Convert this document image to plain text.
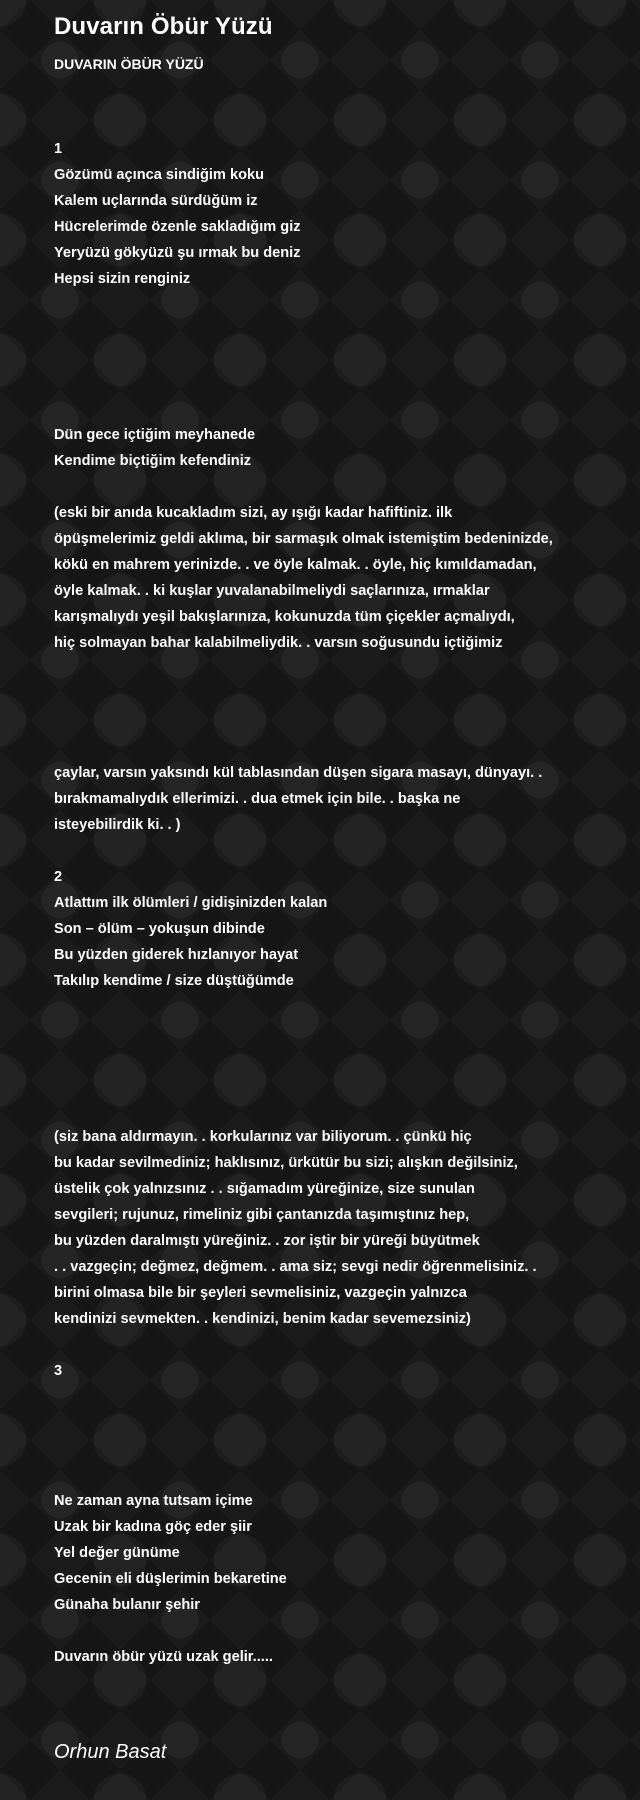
Duvarın Öbür Yüzü
DUVARIN ÖBÜR YÜZÜ
1
Gözümü açınca sindiğim koku
Kalem uçlarında sürdüğüm iz
Hücrelerimde özenle sakladığım giz
Yeryüzü gökyüzü şu ırmak bu deniz
Hepsi sizin renginiz
Dün gece içtiğim meyhanede
Kendime biçtiğim kefendiniz
(eski bir anıda kucakladım sizi, ay ışığı kadar hafiftiniz. ilk
öpüşmelerimiz geldi aklıma, bir sarmaşık olmak istemiştim bedeninizde,
kökü en mahrem yerinizde. . ve öyle kalmak. . öyle, hiç kımıldamadan,
öyle kalmak. . ki kuşlar yuvalanabilmeliydi saçlarınıza, ırmaklar
karışmalıydı yeşil bakışlarınıza, kokunuzda tüm çiçekler açmalıydı,
hiç solmayan bahar kalabilmeliydik. . varsın soğusundu içtiğimiz
çaylar, varsın yaksındı kül tablasından düşen sigara masayı, dünyayı. .
bırakmamalıydık ellerimizi. . dua etmek için bile. . başka ne
isteyebilirdik ki. . )
2
Atlattım ilk ölümleri / gidişinizden kalan
Son – ölüm – yokuşun dibinde
Bu yüzden giderek hızlanıyor hayat
Takılıp kendime / size düştüğümde
(siz bana aldırmayın. . korkularınız var biliyorum. . çünkü hiç
bu kadar sevilmediniz; haklısınız, ürkütür bu sizi; alışkın değilsiniz,
üstelik çok yalnızsınız . . sığamadım yüreğinize, size sunulan
sevgileri; rujunuz, rimeliniz gibi çantanızda taşımıştınız hep,
bu yüzden daralmıştı yüreğiniz. . zor iştir bir yüreği büyütmek
. . vazgeçin; değmez, değmem. . ama siz; sevgi nedir öğrenmelisiniz. .
birini olmasa bile bir şeyleri sevmelisiniz, vazgeçin yalnızca
kendinizi sevmekten. . kendinizi, benim kadar sevemezsiniz)
3
Ne zaman ayna tutsam içime
Uzak bir kadına göç eder şiir
Yel değer günüme
Gecenin eli düşlerimin bekaretine
Günaha bulanır şehir
Duvarın öbür yüzü uzak gelir.....
Orhun Basat
